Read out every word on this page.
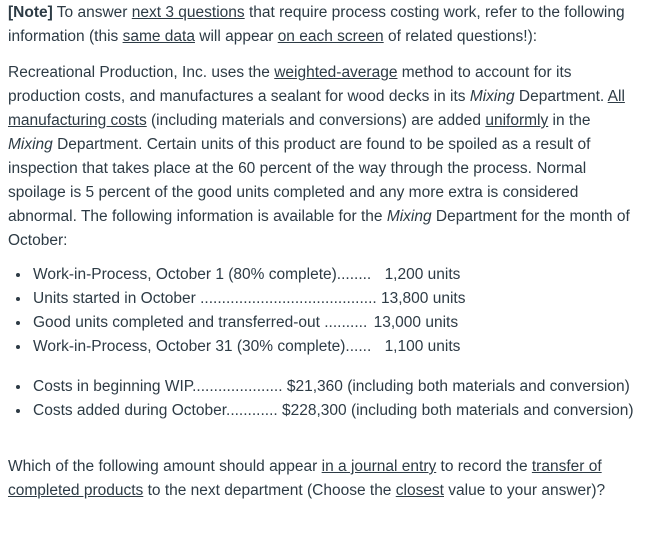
[Note] To answer next 3 questions that require process costing work, refer to the following information (this same data will appear on each screen of related questions!):

Recreational Production, Inc. uses the weighted-average method to account for its production costs, and manufactures a sealant for wood decks in its Mixing Department. All manufacturing costs (including materials and conversions) are added uniformly in the Mixing Department. Certain units of this product are found to be spoiled as a result of inspection that takes place at the 60 percent of the way through the process. Normal spoilage is 5 percent of the good units completed and any more extra is considered abnormal. The following information is available for the Mixing Department for the month of October:

• Work-in-Process, October 1 (80% complete)........ 1,200 units
• Units started in October ......................................... 13,800 units
• Good units completed and transferred-out .......... 13,000 units
• Work-in-Process, October 31 (30% complete)...... 1,100 units
• Costs in beginning WIP..................... $21,360 (including both materials and conversion)
• Costs added during October............ $228,300 (including both materials and conversion)

Which of the following amount should appear in a journal entry to record the transfer of completed products to the next department (Choose the closest value to your answer)?
